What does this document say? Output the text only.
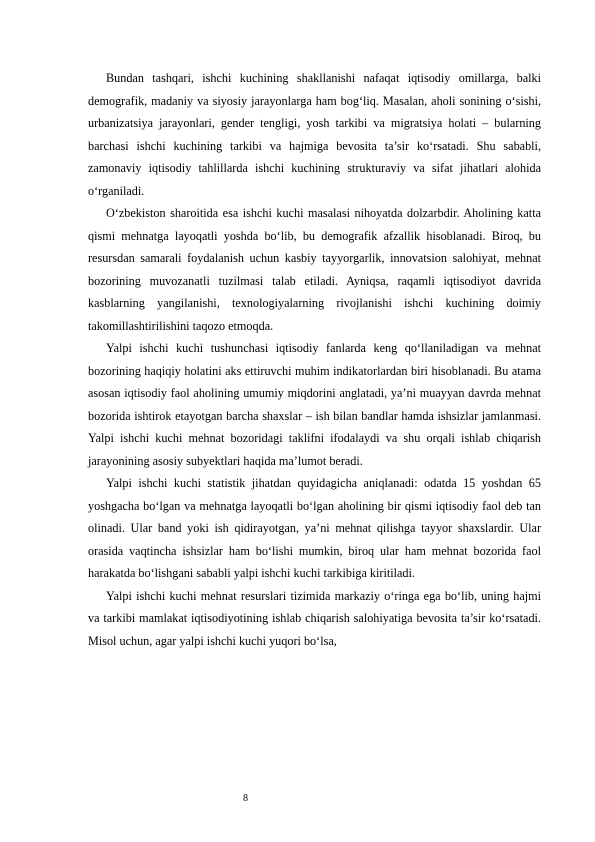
Bundan tashqari, ishchi kuchining shakllanishi nafaqat iqtisodiy omillarga, balki demografik, madaniy va siyosiy jarayonlarga ham bog‘liq. Masalan, aholi sonining o‘sishi, urbanizatsiya jarayonlari, gender tengligi, yosh tarkibi va migratsiya holati – bularning barchasi ishchi kuchining tarkibi va hajmiga bevosita ta’sir ko‘rsatadi. Shu sababli, zamonaviy iqtisodiy tahlillarda ishchi kuchining strukturaviy va sifat jihatlari alohida o‘rganiladi.

O‘zbekiston sharoitida esa ishchi kuchi masalasi nihoyatda dolzarbdir. Aholining katta qismi mehnatga layoqatli yoshda bo‘lib, bu demografik afzallik hisoblanadi. Biroq, bu resursdan samarali foydalanish uchun kasbiy tayyorgarlik, innovatsion salohiyat, mehnat bozorining muvozanatli tuzilmasi talab etiladi. Ayniqsa, raqamli iqtisodiyot davrida kasblarning yangilanishi, texnologiyalarning rivojlanishi ishchi kuchining doimiy takomillashtirilishini taqozo etmoqda.

Yalpi ishchi kuchi tushunchasi iqtisodiy fanlarda keng qo‘llaniladigan va mehnat bozorining haqiqiy holatini aks ettiruvchi muhim indikatorlardan biri hisoblanadi. Bu atama asosan iqtisodiy faol aholining umumiy miqdorini anglatadi, ya’ni muayyan davrda mehnat bozorida ishtirok etayotgan barcha shaxslar – ish bilan bandlar hamda ishsizlar jamlanmasi. Yalpi ishchi kuchi mehnat bozoridagi taklifni ifodalaydi va shu orqali ishlab chiqarish jarayonining asosiy subyektlari haqida ma’lumot beradi.

Yalpi ishchi kuchi statistik jihatdan quyidagicha aniqlanadi: odatda 15 yoshdan 65 yoshgacha bo‘lgan va mehnatga layoqatli bo‘lgan aholining bir qismi iqtisodiy faol deb tan olinadi. Ular band yoki ish qidirayotgan, ya’ni mehnat qilishga tayyor shaxslardir. Ular orasida vaqtincha ishsizlar ham bo‘lishi mumkin, biroq ular ham mehnat bozorida faol harakatda bo‘lishgani sababli yalpi ishchi kuchi tarkibiga kiritiladi.

Yalpi ishchi kuchi mehnat resurslari tizimida markaziy o‘ringa ega bo‘lib, uning hajmi va tarkibi mamlakat iqtisodiyotining ishlab chiqarish salohiyatiga bevosita ta’sir ko‘rsatadi. Misol uchun, agar yalpi ishchi kuchi yuqori bo‘lsa,

8
